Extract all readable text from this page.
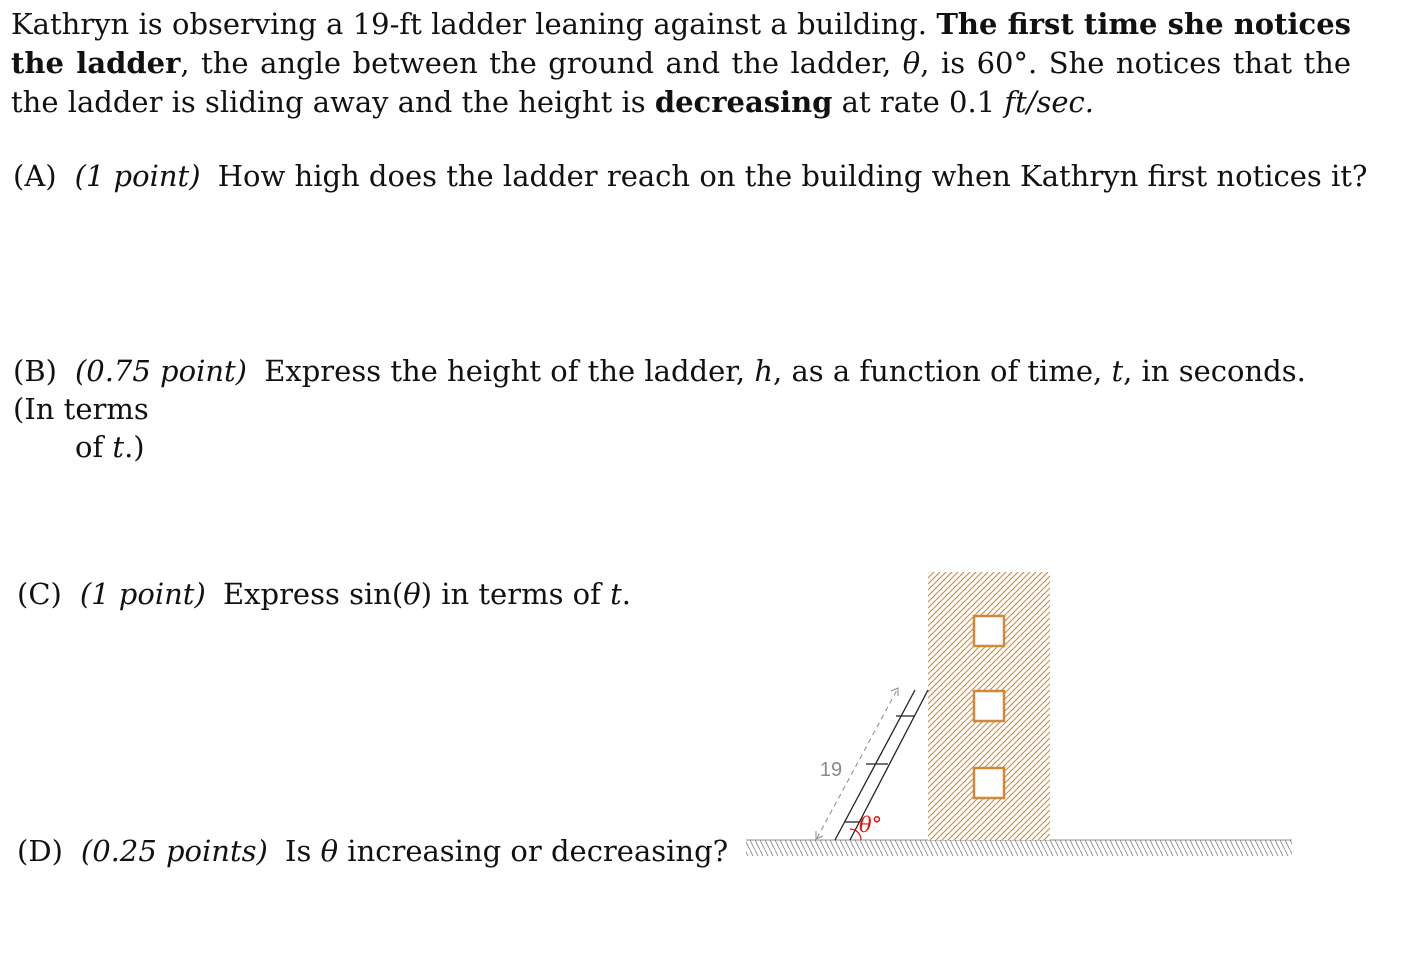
Kathryn is observing a 19-ft ladder leaning against a building. The first time she notices the ladder, the angle between the ground and the ladder, θ, is 60°. She notices that the the ladder is sliding away and the height is decreasing at rate 0.1 ft/sec.

(A) (1 point) How high does the ladder reach on the building when Kathryn first notices it?

(B) (0.75 point) Express the height of the ladder, h, as a function of time, t, in seconds. (In terms
of t.)

(C) (1 point) Express sin(θ) in terms of t.

(D) (0.25 points) Is θ increasing or decreasing?

19
θ°
